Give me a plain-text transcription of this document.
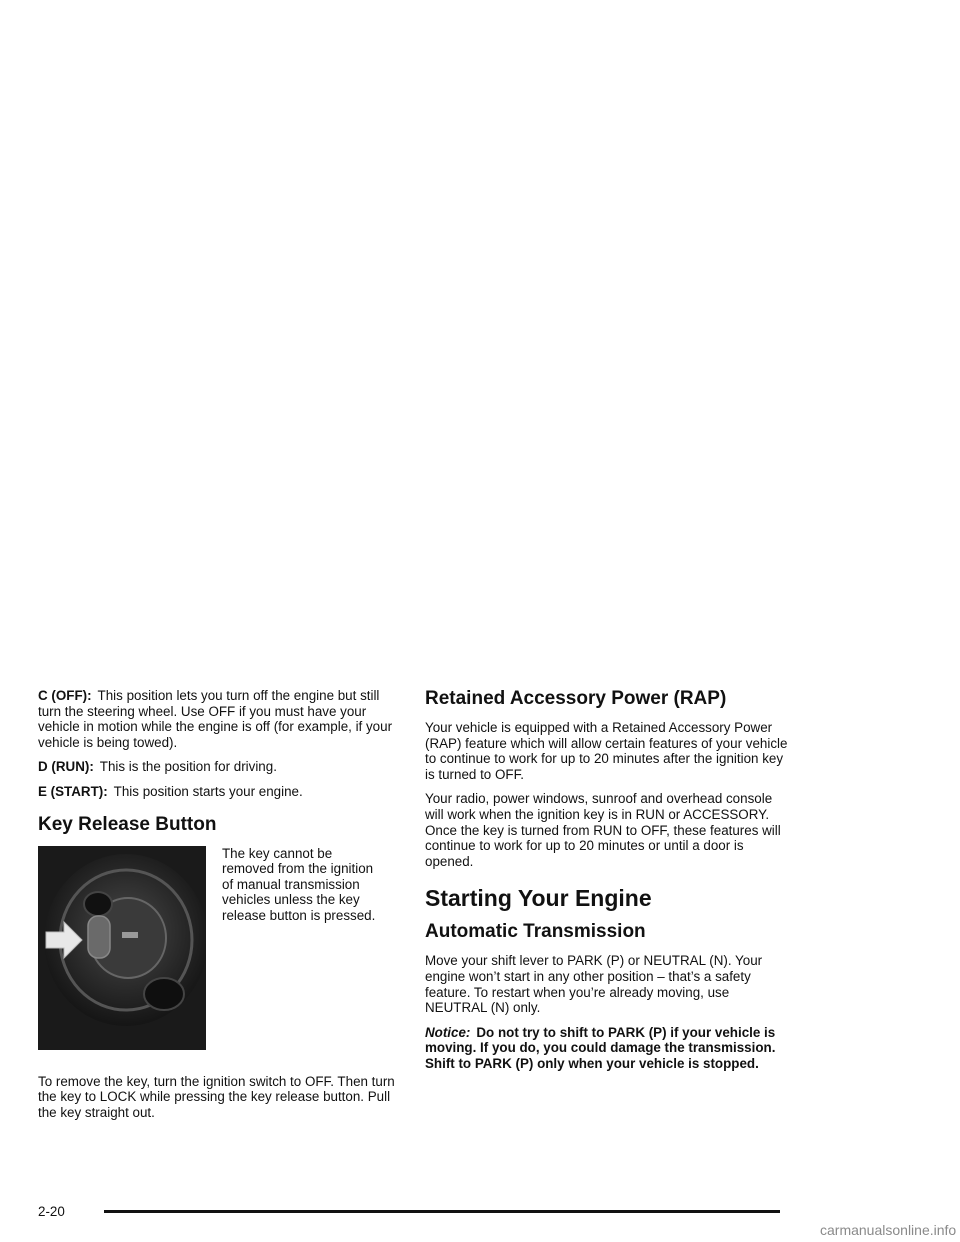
C (OFF): This position lets you turn off the engine but still turn the steering wheel. Use OFF if you must have your vehicle in motion while the engine is off (for example, if your vehicle is being towed).

D (RUN): This is the position for driving.

E (START): This position starts your engine.

Key Release Button

The key cannot be removed from the ignition of manual transmission vehicles unless the key release button is pressed.

To remove the key, turn the ignition switch to OFF. Then turn the key to LOCK while pressing the key release button. Pull the key straight out.

Retained Accessory Power (RAP)

Your vehicle is equipped with a Retained Accessory Power (RAP) feature which will allow certain features of your vehicle to continue to work for up to 20 minutes after the ignition key is turned to OFF.

Your radio, power windows, sunroof and overhead console will work when the ignition key is in RUN or ACCESSORY. Once the key is turned from RUN to OFF, these features will continue to work for up to 20 minutes or until a door is opened.

Starting Your Engine
Automatic Transmission

Move your shift lever to PARK (P) or NEUTRAL (N). Your engine won’t start in any other position – that’s a safety feature. To restart when you’re already moving, use NEUTRAL (N) only.

Notice: Do not try to shift to PARK (P) if your vehicle is moving. If you do, you could damage the transmission. Shift to PARK (P) only when your vehicle is stopped.

2-20
carmanualsonline.info
